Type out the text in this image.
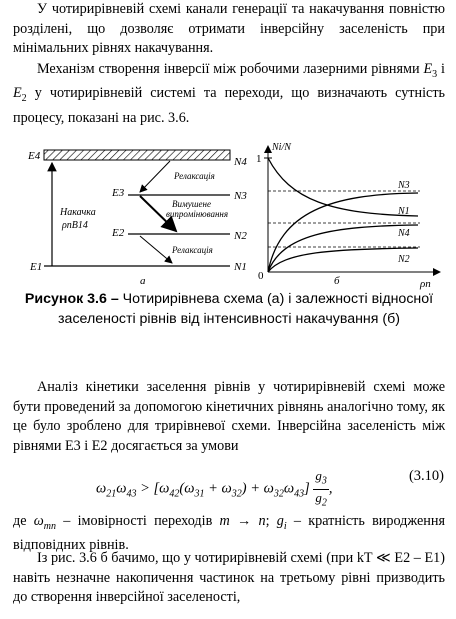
У чотирирівневій схемі канали генерації та накачування повністю розділені, що дозволяє отримати інверсійну заселеність при мінімальних рівнях накачування.

Механізм створення інверсії між робочими лазерними рівнями $E_3$ і $E_2$ у чотирирівневій системі та переходи, що визначають сутність процесу, показані на рис. 3.6.

E4
E3
E2
E1
N4
N3
N2
N1
Релаксація
Вимушене
випромінювання
Релаксація
Накачка
ρnB14
а
Ni/N
1
0
ρn
N3
N1
N4
N2
б

Рисунок 3.6 – Чотирирівнева схема (а) і залежності відносної заселеності рівнів від інтенсивності накачування (б)

Аналіз кінетики заселення рівнів у чотирирівневій схемі може бути проведений за допомогою кінетичних рівнянь аналогічно тому, як це було зроблено для трирівневої схеми. Інверсійна заселеність між рівнями E3 і E2 досягається за умови

$\omega_{21}\omega_{43} > [\omega_{42}(\omega_{31} + \omega_{32}) + \omega_{32}\omega_{43}] \frac{g_3}{g_2}$ ,
(3.10)

де $\omega_{mn}$ – імовірності переходів m → n; $g_i$ – кратність виродження відповідних рівнів.

Із рис. 3.6 б бачимо, що у чотирирівневій схемі (при kT ≪ E2 – E1) навіть незначне накопичення частинок на третьому рівні призводить до створення інверсійної заселеності,
